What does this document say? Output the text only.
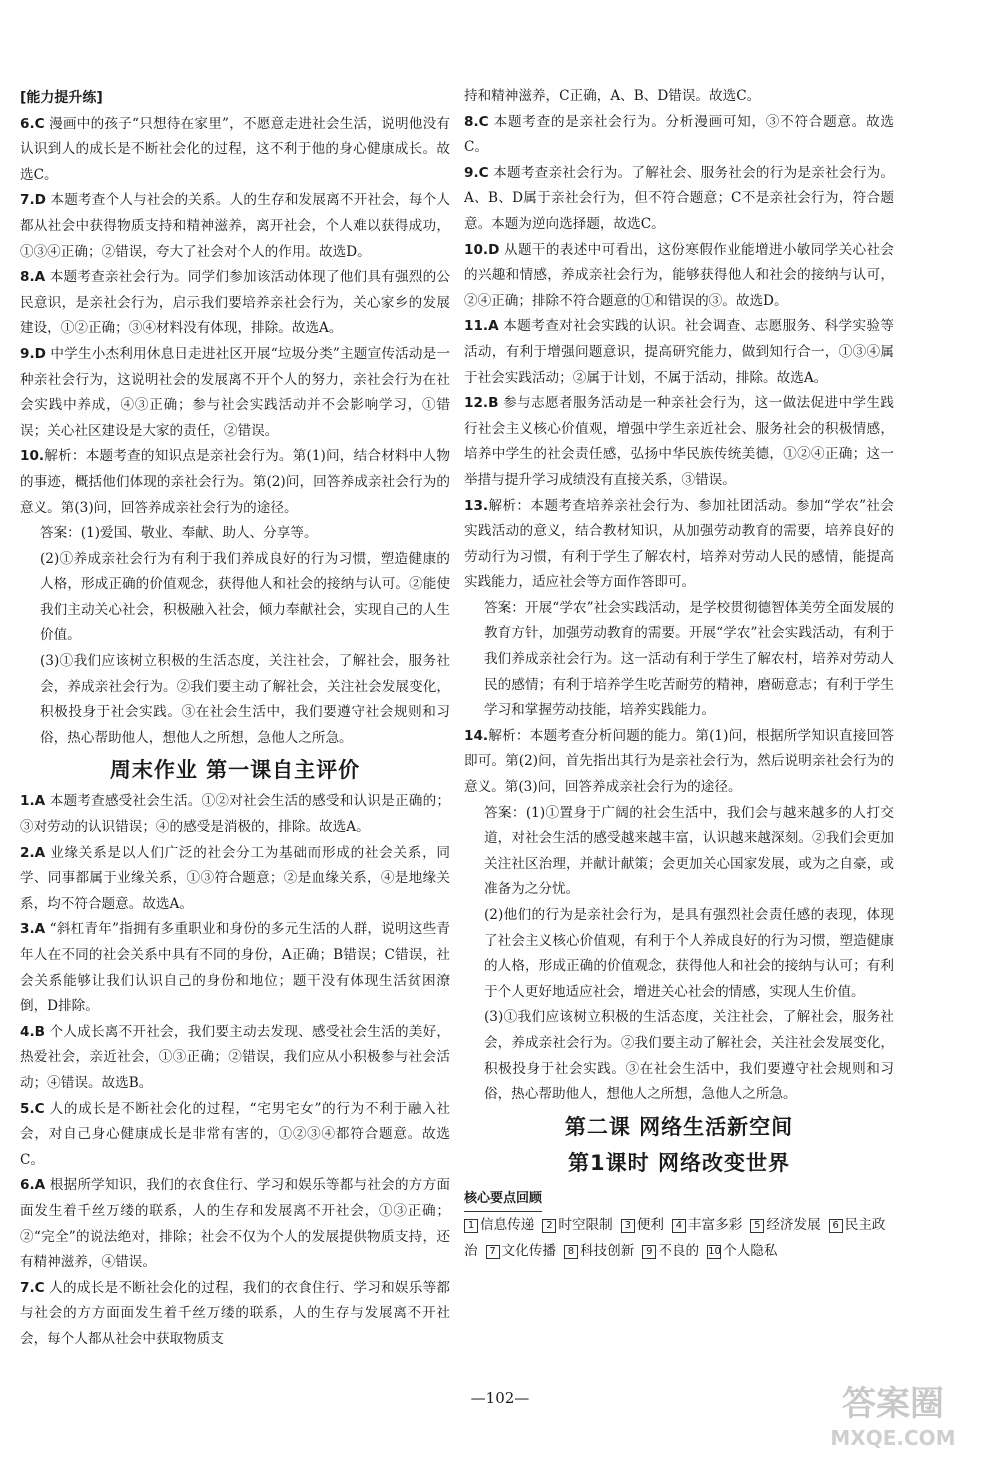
[能力提升练]

6.C 漫画中的孩子“只想待在家里”，不愿意走进社会生活，说明他没有认识到人的成长是不断社会化的过程，这不利于他的身心健康成长。故选C。

7.D 本题考查个人与社会的关系。人的生存和发展离不开社会，每个人都从社会中获得物质支持和精神滋养，离开社会，个人难以获得成功，①③④正确；②错误，夸大了社会对个人的作用。故选D。

8.A 本题考查亲社会行为。同学们参加该活动体现了他们具有强烈的公民意识，是亲社会行为，启示我们要培养亲社会行为，关心家乡的发展建设，①②正确；③④材料没有体现，排除。故选A。

9.D 中学生小杰利用休息日走进社区开展“垃圾分类”主题宣传活动是一种亲社会行为，这说明社会的发展离不开个人的努力，亲社会行为在社会实践中养成，④③正确；参与社会实践活动并不会影响学习，①错误；关心社区建设是大家的责任，②错误。

10.解析：本题考查的知识点是亲社会行为。第(1)问，结合材料中人物的事迹，概括他们体现的亲社会行为。第(2)问，回答养成亲社会行为的意义。第(3)问，回答养成亲社会行为的途径。

答案：(1)爱国、敬业、奉献、助人、分享等。

(2)①养成亲社会行为有利于我们养成良好的行为习惯，塑造健康的人格，形成正确的价值观念，获得他人和社会的接纳与认可。②能使我们主动关心社会，积极融入社会，倾力奉献社会，实现自己的人生价值。

(3)①我们应该树立积极的生活态度，关注社会，了解社会，服务社会，养成亲社会行为。②我们要主动了解社会，关注社会发展变化，积极投身于社会实践。③在社会生活中，我们要遵守社会规则和习俗，热心帮助他人，想他人之所想，急他人之所急。

周末作业 第一课自主评价

1.A 本题考查感受社会生活。①②对社会生活的感受和认识是正确的；③对劳动的认识错误；④的感受是消极的，排除。故选A。

2.A 业缘关系是以人们广泛的社会分工为基础而形成的社会关系，同学、同事都属于业缘关系，①③符合题意；②是血缘关系，④是地缘关系，均不符合题意。故选A。

3.A “斜杠青年”指拥有多重职业和身份的多元生活的人群，说明这些青年人在不同的社会关系中具有不同的身份，A正确；B错误；C错误，社会关系能够让我们认识自己的身份和地位；题干没有体现生活贫困潦倒，D排除。

4.B 个人成长离不开社会，我们要主动去发现、感受社会生活的美好，热爱社会，亲近社会，①③正确；②错误，我们应从小积极参与社会活动；④错误。故选B。

5.C 人的成长是不断社会化的过程，“宅男宅女”的行为不利于融入社会，对自己身心健康成长是非常有害的，①②③④都符合题意。故选C。

6.A 根据所学知识，我们的衣食住行、学习和娱乐等都与社会的方方面面发生着千丝万缕的联系，人的生存和发展离不开社会，①③正确；②“完全”的说法绝对，排除；社会不仅为个人的发展提供物质支持，还有精神滋养，④错误。

7.C 人的成长是不断社会化的过程，我们的衣食住行、学习和娱乐等都与社会的方方面面发生着千丝万缕的联系，人的生存与发展离不开社会，每个人都从社会中获取物质支

持和精神滋养，C正确，A、B、D错误。故选C。

8.C 本题考查的是亲社会行为。分析漫画可知，③不符合题意。故选C。

9.C 本题考查亲社会行为。了解社会、服务社会的行为是亲社会行为。A、B、D属于亲社会行为，但不符合题意；C不是亲社会行为，符合题意。本题为逆向选择题，故选C。

10.D 从题干的表述中可看出，这份寒假作业能增进小敏同学关心社会的兴趣和情感，养成亲社会行为，能够获得他人和社会的接纳与认可，②④正确；排除不符合题意的①和错误的③。故选D。

11.A 本题考查对社会实践的认识。社会调查、志愿服务、科学实验等活动，有利于增强问题意识，提高研究能力，做到知行合一，①③④属于社会实践活动；②属于计划，不属于活动，排除。故选A。

12.B 参与志愿者服务活动是一种亲社会行为，这一做法促进中学生践行社会主义核心价值观，增强中学生亲近社会、服务社会的积极情感，培养中学生的社会责任感，弘扬中华民族传统美德，①②④正确；这一举措与提升学习成绩没有直接关系，③错误。

13.解析：本题考查培养亲社会行为、参加社团活动。参加“学农”社会实践活动的意义，结合教材知识，从加强劳动教育的需要，培养良好的劳动行为习惯，有利于学生了解农村，培养对劳动人民的感情，能提高实践能力，适应社会等方面作答即可。

答案：开展“学农”社会实践活动，是学校贯彻德智体美劳全面发展的教育方针，加强劳动教育的需要。开展“学农”社会实践活动，有利于我们养成亲社会行为。这一活动有利于学生了解农村，培养对劳动人民的感情；有利于培养学生吃苦耐劳的精神，磨砺意志；有利于学生学习和掌握劳动技能，培养实践能力。

14.解析：本题考查分析问题的能力。第(1)问，根据所学知识直接回答即可。第(2)问，首先指出其行为是亲社会行为，然后说明亲社会行为的意义。第(3)问，回答养成亲社会行为的途径。

答案：(1)①置身于广阔的社会生活中，我们会与越来越多的人打交道，对社会生活的感受越来越丰富，认识越来越深刻。②我们会更加关注社区治理，并献计献策；会更加关心国家发展，或为之自豪，或准备为之分忧。

(2)他们的行为是亲社会行为，是具有强烈社会责任感的表现，体现了社会主义核心价值观，有利于个人养成良好的行为习惯，塑造健康的人格，形成正确的价值观念，获得他人和社会的接纳与认可；有利于个人更好地适应社会，增进关心社会的情感，实现人生价值。

(3)①我们应该树立积极的生活态度，关注社会，了解社会，服务社会，养成亲社会行为。②我们要主动了解社会，关注社会发展变化，积极投身于社会实践。③在社会生活中，我们要遵守社会规则和习俗，热心帮助他人，想他人之所想，急他人之所急。

第二课 网络生活新空间
第1课时 网络改变世界
核心要点回顾
1 信息传递 2 时空限制 3 便利 4 丰富多彩 5 经济发展 6 民主政治 7 文化传播 8 科技创新 9 不良的 10 个人隐私
—102—	答案圈
MXQE.COM
